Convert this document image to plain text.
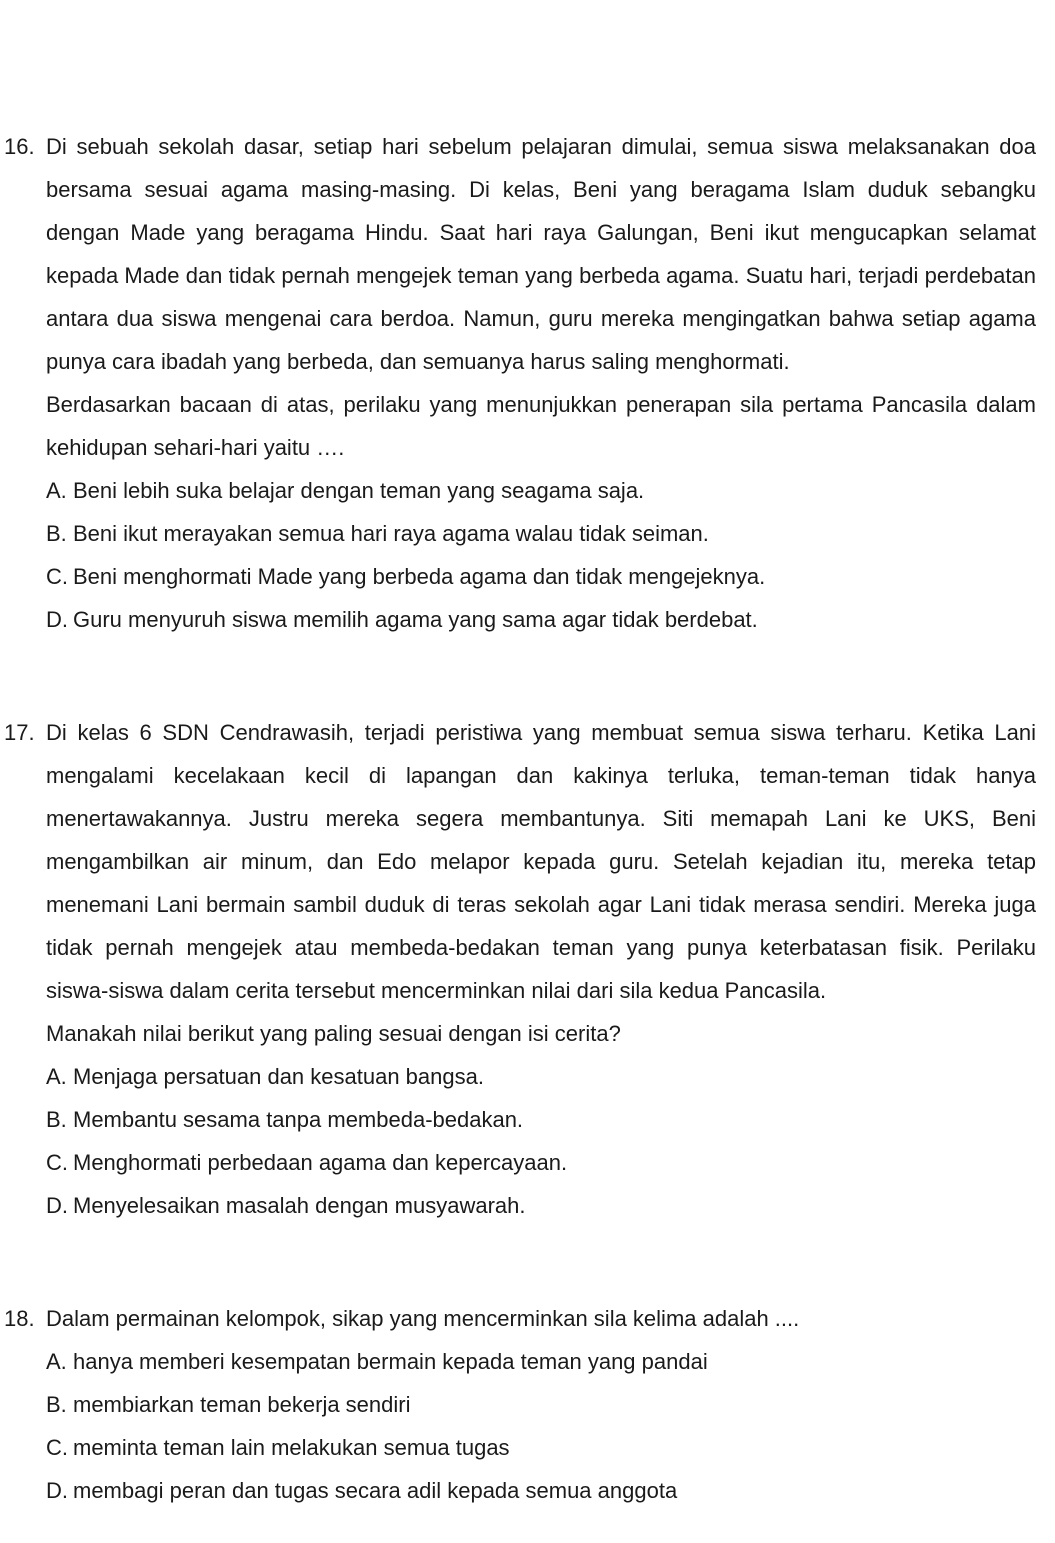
16. Di sebuah sekolah dasar, setiap hari sebelum pelajaran dimulai, semua siswa melaksanakan doa bersama sesuai agama masing-masing. Di kelas, Beni yang beragama Islam duduk sebangku dengan Made yang beragama Hindu. Saat hari raya Galungan, Beni ikut mengucapkan selamat kepada Made dan tidak pernah mengejek teman yang berbeda agama. Suatu hari, terjadi perdebatan antara dua siswa mengenai cara berdoa. Namun, guru mereka mengingatkan bahwa setiap agama punya cara ibadah yang berbeda, dan semuanya harus saling menghormati.

Berdasarkan bacaan di atas, perilaku yang menunjukkan penerapan sila pertama Pancasila dalam kehidupan sehari-hari yaitu ….

A. Beni lebih suka belajar dengan teman yang seagama saja.
B. Beni ikut merayakan semua hari raya agama walau tidak seiman.
C. Beni menghormati Made yang berbeda agama dan tidak mengejeknya.
D. Guru menyuruh siswa memilih agama yang sama agar tidak berdebat.
17. Di kelas 6 SDN Cendrawasih, terjadi peristiwa yang membuat semua siswa terharu. Ketika Lani mengalami kecelakaan kecil di lapangan dan kakinya terluka, teman-teman tidak hanya menertawakannya. Justru mereka segera membantunya. Siti memapah Lani ke UKS, Beni mengambilkan air minum, dan Edo melapor kepada guru. Setelah kejadian itu, mereka tetap menemani Lani bermain sambil duduk di teras sekolah agar Lani tidak merasa sendiri. Mereka juga tidak pernah mengejek atau membeda-bedakan teman yang punya keterbatasan fisik. Perilaku siswa-siswa dalam cerita tersebut mencerminkan nilai dari sila kedua Pancasila.

Manakah nilai berikut yang paling sesuai dengan isi cerita?

A. Menjaga persatuan dan kesatuan bangsa.
B. Membantu sesama tanpa membeda-bedakan.
C. Menghormati perbedaan agama dan kepercayaan.
D. Menyelesaikan masalah dengan musyawarah.
18. Dalam permainan kelompok, sikap yang mencerminkan sila kelima adalah ....

A. hanya memberi kesempatan bermain kepada teman yang pandai
B. membiarkan teman bekerja sendiri
C. meminta teman lain melakukan semua tugas
D. membagi peran dan tugas secara adil kepada semua anggota
